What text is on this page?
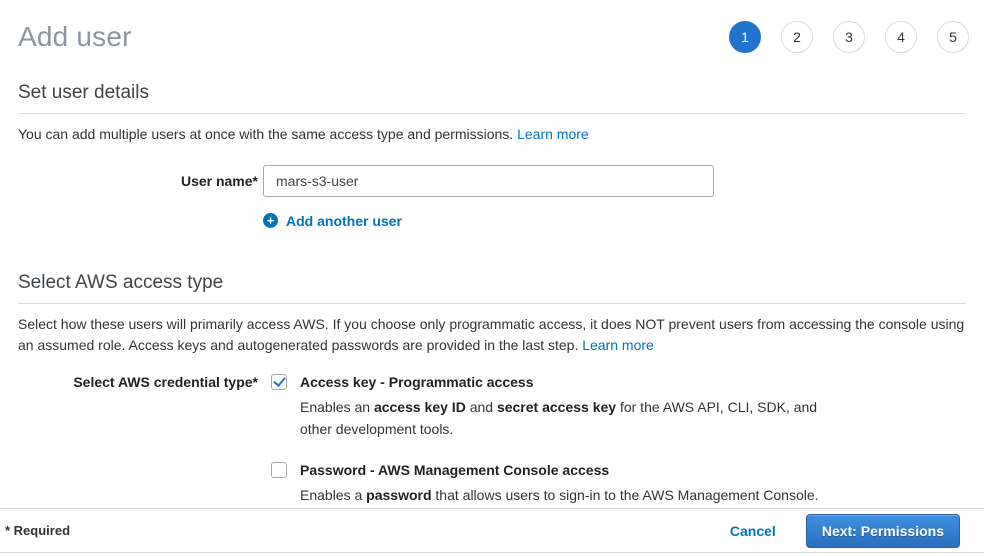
Add user	1	2	3	4	5
Set user details

You can add multiple users at once with the same access type and permissions. Learn more

User name*
mars-s3-user
+
Add another user
Select AWS access type

Select how these users will primarily access AWS. If you choose only programmatic access, it does NOT prevent users from accessing the console using an assumed role. Access keys and autogenerated passwords are provided in the last step. Learn more

Select AWS credential type*	Access key - Programmatic access
Enables an access key ID and secret access key for the AWS API, CLI, SDK, and other development tools.
Password - AWS Management Console access
Enables a password that allows users to sign-in to the AWS Management Console.
* Required	Cancel	Next: Permissions
